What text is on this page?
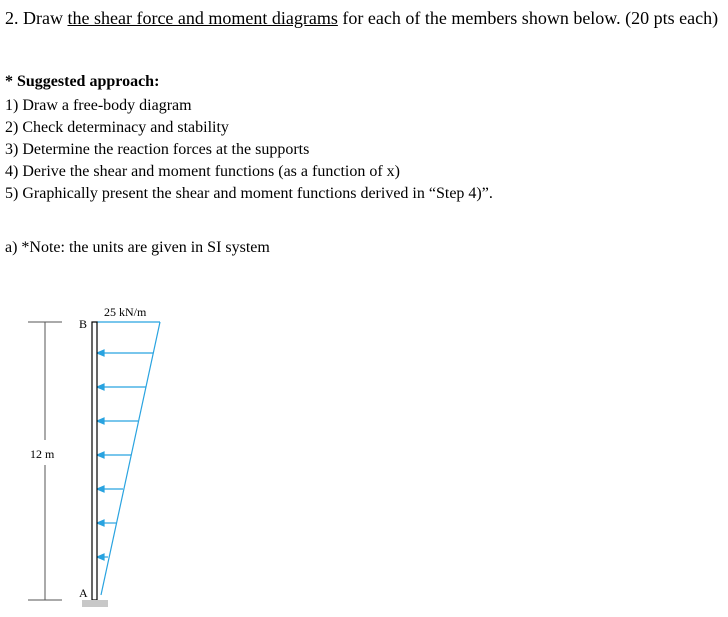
2. Draw the shear force and moment diagrams for each of the members shown below. (20 pts each)
* Suggested approach:
1) Draw a free-body diagram
2) Check determinacy and stability
3) Determine the reaction forces at the supports
4) Derive the shear and moment functions (as a function of x)
5) Graphically present the shear and moment functions derived in “Step 4)”.
a) *Note: the units are given in SI system
12 m
25 kN/m
B
A
